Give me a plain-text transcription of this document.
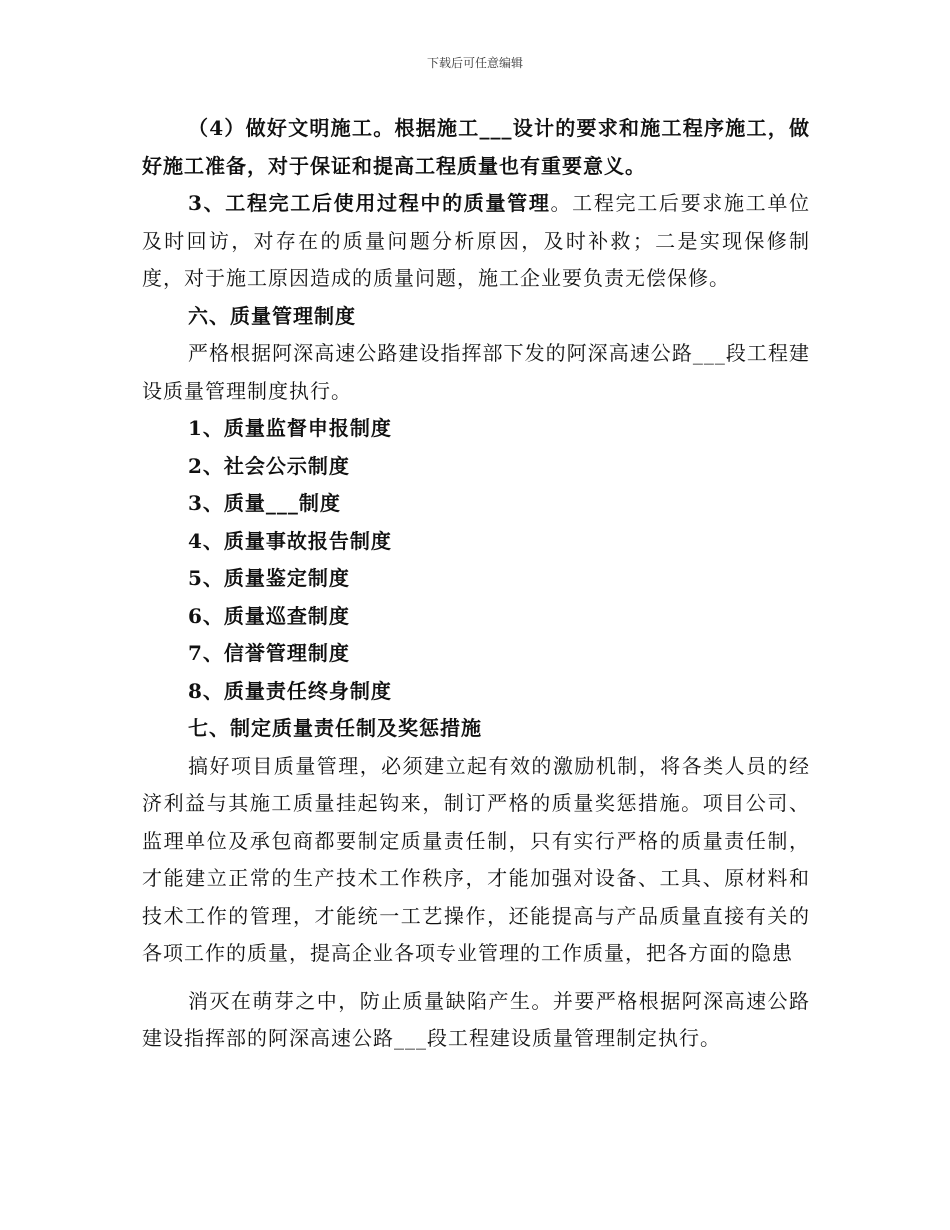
下载后可任意编辑

（4）做好文明施工。根据施工___设计的要求和施工程序施工，做好施工准备，对于保证和提高工程质量也有重要意义。

3、工程完工后使用过程中的质量管理。工程完工后要求施工单位及时回访，对存在的质量问题分析原因，及时补救；二是实现保修制度，对于施工原因造成的质量问题，施工企业要负责无偿保修。

六、质量管理制度

严格根据阿深高速公路建设指挥部下发的阿深高速公路___段工程建设质量管理制度执行。

1、质量监督申报制度

2、社会公示制度

3、质量___制度

4、质量事故报告制度

5、质量鉴定制度

6、质量巡查制度

7、信誉管理制度

8、质量责任终身制度

七、制定质量责任制及奖惩措施

搞好项目质量管理，必须建立起有效的激励机制，将各类人员的经济利益与其施工质量挂起钩来，制订严格的质量奖惩措施。项目公司、监理单位及承包商都要制定质量责任制，只有实行严格的质量责任制，才能建立正常的生产技术工作秩序，才能加强对设备、工具、原材料和技术工作的管理，才能统一工艺操作，还能提高与产品质量直接有关的各项工作的质量，提高企业各项专业管理的工作质量，把各方面的隐患

消灭在萌芽之中，防止质量缺陷产生。并要严格根据阿深高速公路建设指挥部的阿深高速公路___段工程建设质量管理制定执行。
